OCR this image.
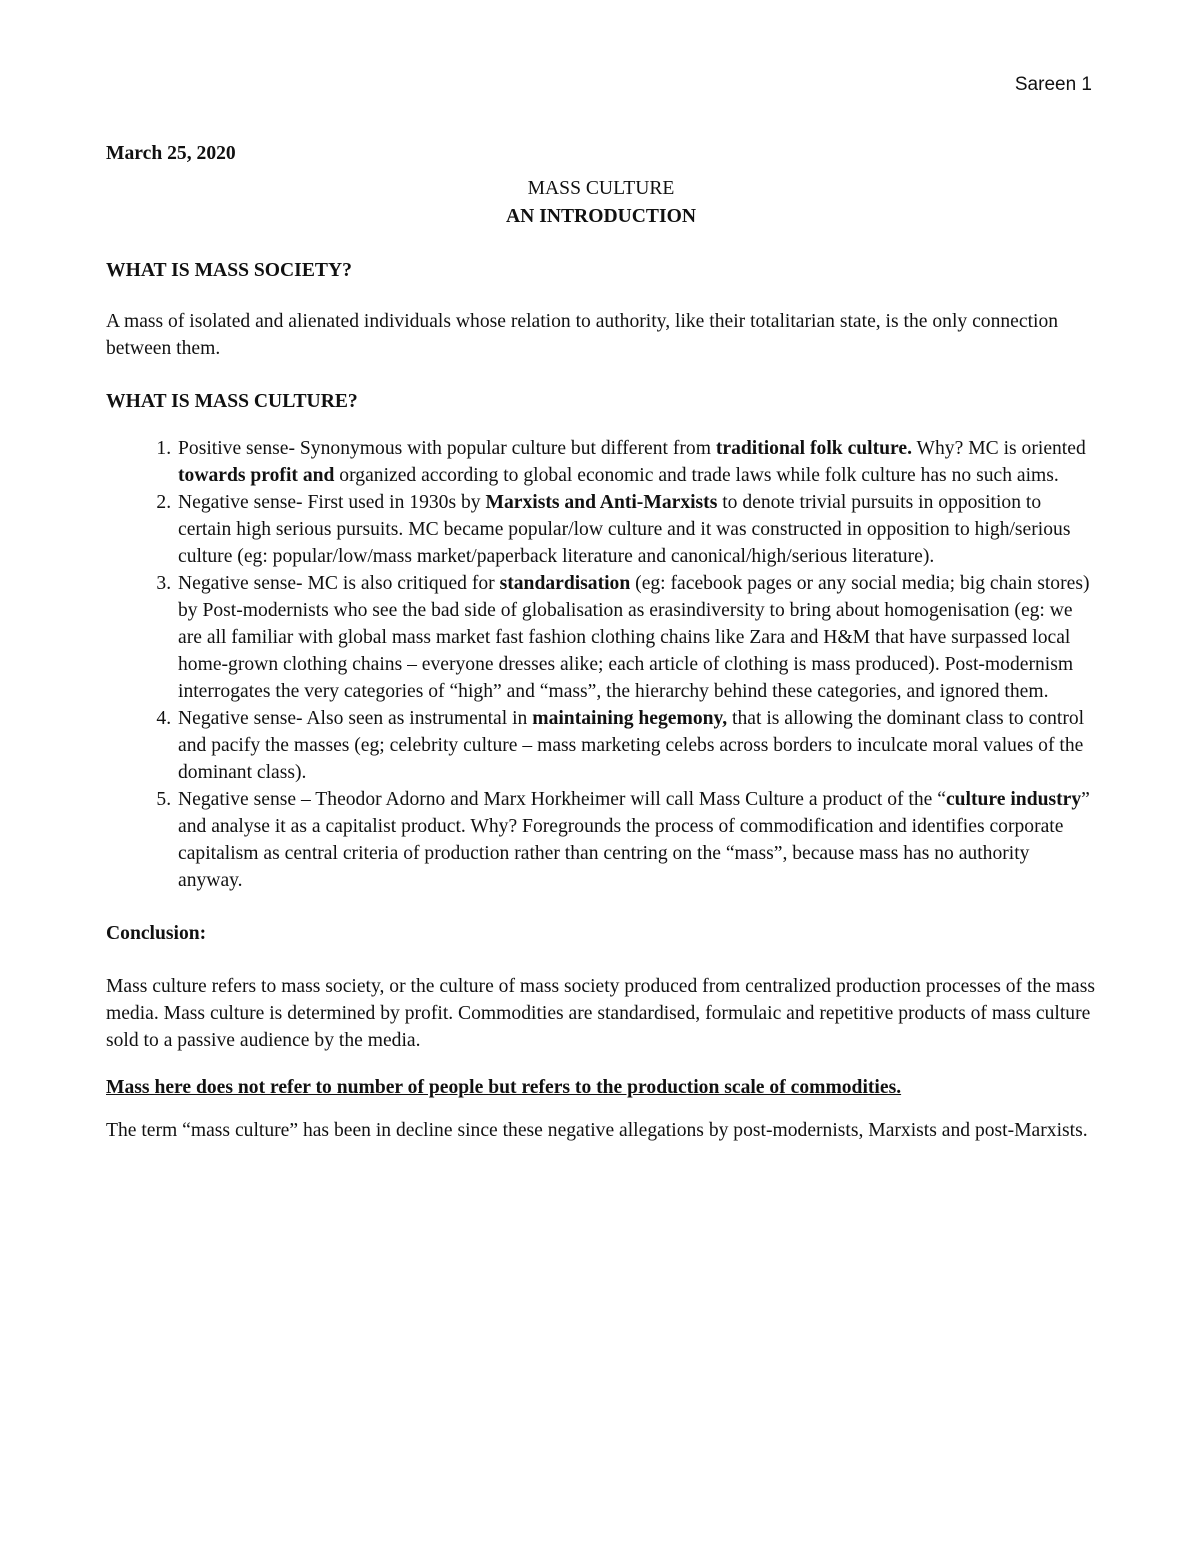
Sareen 1

March 25, 2020

MASS CULTURE
AN INTRODUCTION
WHAT IS MASS SOCIETY?

A mass of isolated and alienated individuals whose relation to authority, like their totalitarian state, is the only connection between them.

WHAT IS MASS CULTURE?
1. Positive sense- Synonymous with popular culture but different from traditional folk culture. Why? MC is oriented towards profit and organized according to global economic and trade laws while folk culture has no such aims.
2. Negative sense- First used in 1930s by Marxists and Anti-Marxists to denote trivial pursuits in opposition to certain high serious pursuits. MC became popular/low culture and it was constructed in opposition to high/serious culture (eg: popular/low/mass market/paperback literature and canonical/high/serious literature).
3. Negative sense- MC is also critiqued for standardisation (eg: facebook pages or any social media; big chain stores) by Post-modernists who see the bad side of globalisation as erasindiversity to bring about homogenisation (eg: we are all familiar with global mass market fast fashion clothing chains like Zara and H&M that have surpassed local home-grown clothing chains – everyone dresses alike; each article of clothing is mass produced). Post-modernism interrogates the very categories of “high” and “mass”, the hierarchy behind these categories, and ignored them.
4. Negative sense- Also seen as instrumental in maintaining hegemony, that is allowing the dominant class to control and pacify the masses (eg; celebrity culture – mass marketing celebs across borders to inculcate moral values of the dominant class).
5. Negative sense – Theodor Adorno and Marx Horkheimer will call Mass Culture a product of the “culture industry” and analyse it as a capitalist product. Why? Foregrounds the process of commodification and identifies corporate capitalism as central criteria of production rather than centring on the “mass”, because mass has no authority anyway.

Conclusion:

Mass culture refers to mass society, or the culture of mass society produced from centralized production processes of the mass media. Mass culture is determined by profit. Commodities are standardised, formulaic and repetitive products of mass culture sold to a passive audience by the media.

Mass here does not refer to number of people but refers to the production scale of commodities.

The term “mass culture” has been in decline since these negative allegations by post-modernists, Marxists and post-Marxists.
